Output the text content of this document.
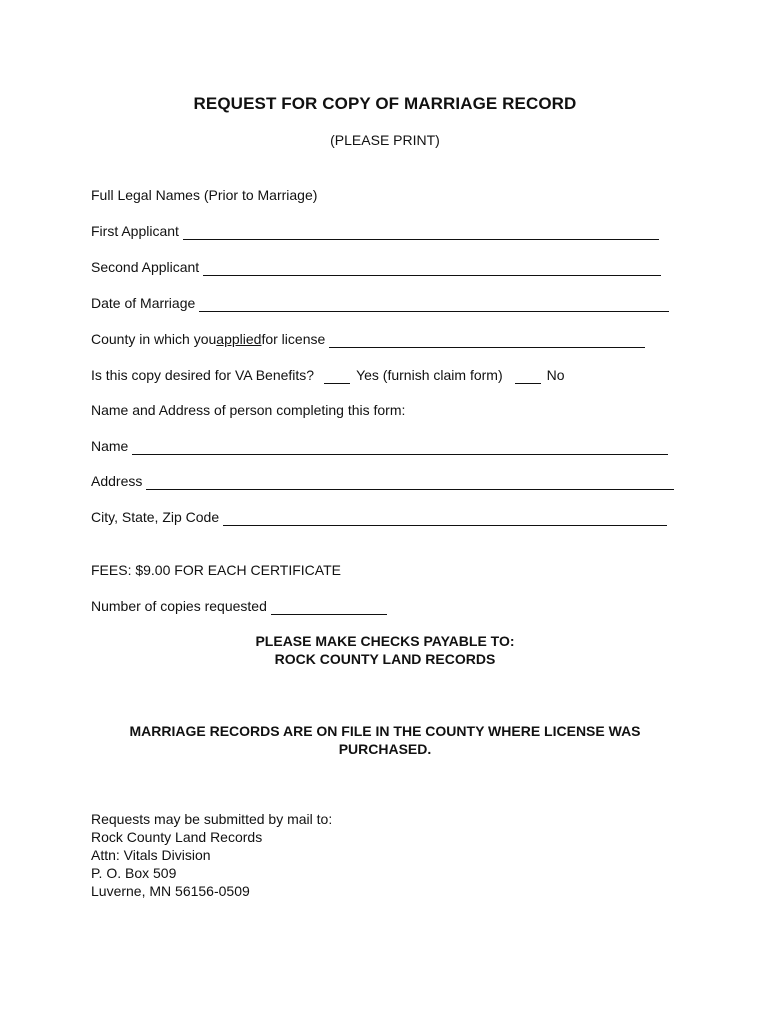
REQUEST FOR COPY OF MARRIAGE RECORD
(PLEASE PRINT)
Full Legal Names (Prior to Marriage)
First Applicant
Second Applicant
Date of Marriage
County in which you applied for license
Is this copy desired for VA Benefits?	Yes (furnish claim form)	No
Name and Address of person completing this form:
Name
Address
City, State, Zip Code
FEES: $9.00 FOR EACH CERTIFICATE
Number of copies requested
PLEASE MAKE CHECKS PAYABLE TO:
ROCK COUNTY LAND RECORDS
MARRIAGE RECORDS ARE ON FILE IN THE COUNTY WHERE LICENSE WAS
PURCHASED.
Requests may be submitted by mail to:
Rock County Land Records
Attn: Vitals Division
P. O. Box 509
Luverne, MN 56156-0509
